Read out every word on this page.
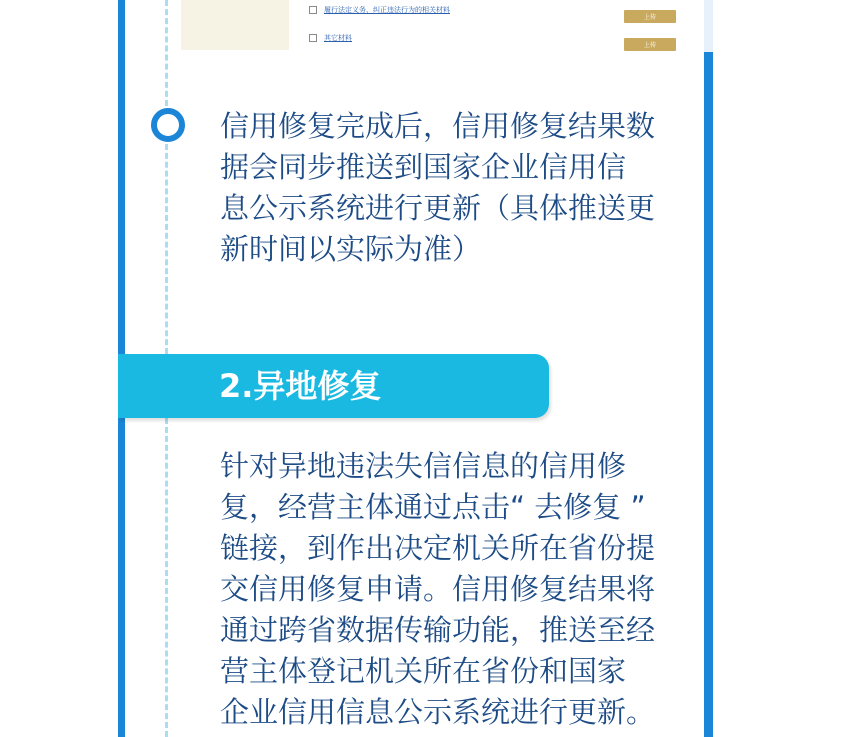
履行法定义务、纠正违法行为的相关材料
其它材料
上传
上传

信用修复完成后，信用修复结果数
据会同步推送到国家企业信用信
息公示系统进行更新（具体推送更
新时间以实际为准）

2.异地修复

针对异地违法失信信息的信用修
复，经营主体通过点击“ 去修复 ”
链接，到作出决定机关所在省份提
交信用修复申请。信用修复结果将
通过跨省数据传输功能，推送至经
营主体登记机关所在省份和国家
企业信用信息公示系统进行更新。
